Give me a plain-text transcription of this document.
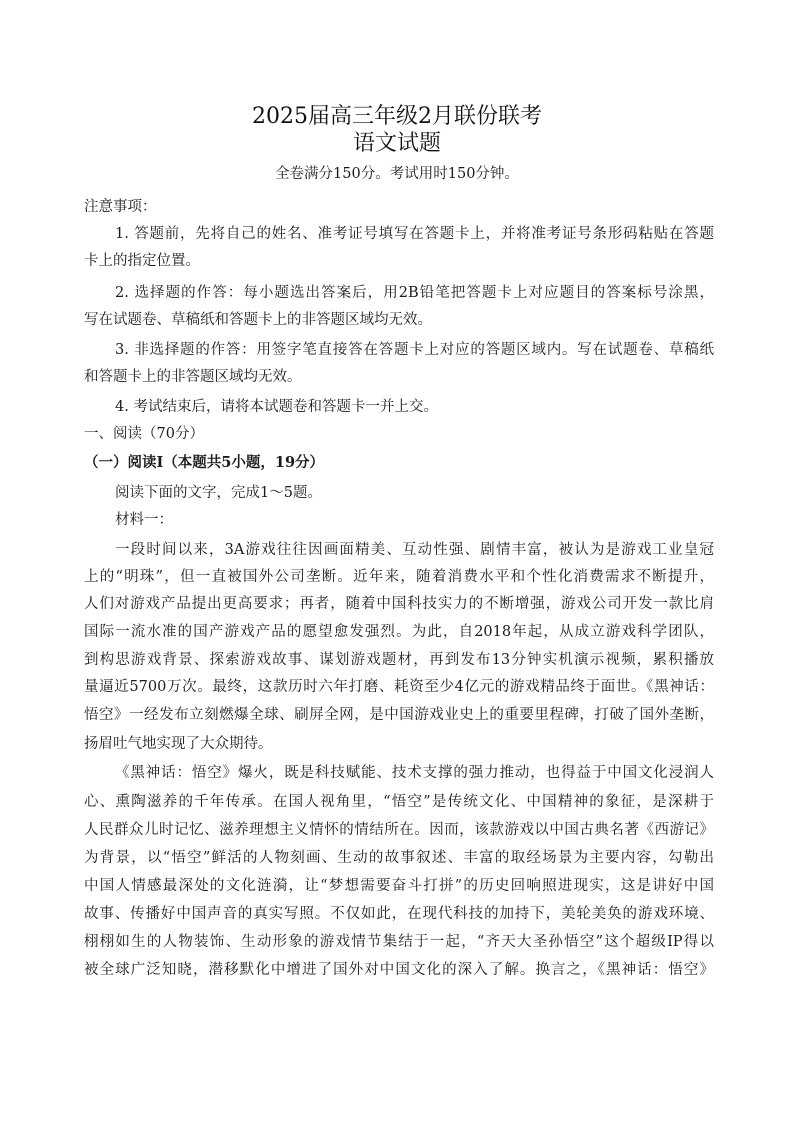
2025届高三年级2月联份联考
语文试题
全卷满分150分。考试用时150分钟。
注意事项：
1. 答题前，先将自己的姓名、准考证号填写在答题卡上，并将准考证号条形码粘贴在答题
卡上的指定位置。
2. 选择题的作答：每小题选出答案后，用2B铅笔把答题卡上对应题目的答案标号涂黑，
写在试题卷、草稿纸和答题卡上的非答题区域均无效。
3. 非选择题的作答：用签字笔直接答在答题卡上对应的答题区域内。写在试题卷、草稿纸
和答题卡上的非答题区域均无效。
4. 考试结束后，请将本试题卷和答题卡一并上交。
一、阅读（70分）
（一）阅读Ⅰ（本题共5小题，19分）
阅读下面的文字，完成1～5题。
材料一：
一段时间以来，3A游戏往往因画面精美、互动性强、剧情丰富，被认为是游戏工业皇冠
上的“明珠”，但一直被国外公司垄断。近年来，随着消费水平和个性化消费需求不断提升，
人们对游戏产品提出更高要求；再者，随着中国科技实力的不断增强，游戏公司开发一款比肩
国际一流水准的国产游戏产品的愿望愈发强烈。为此，自2018年起，从成立游戏科学团队，
到构思游戏背景、探索游戏故事、谋划游戏题材，再到发布13分钟实机演示视频，累积播放
量逼近5700万次。最终，这款历时六年打磨、耗资至少4亿元的游戏精品终于面世。《黑神话：
悟空》一经发布立刻燃爆全球、刷屏全网，是中国游戏业史上的重要里程碑，打破了国外垄断，
扬眉吐气地实现了大众期待。
《黑神话：悟空》爆火，既是科技赋能、技术支撑的强力推动，也得益于中国文化浸润人
心、熏陶滋养的千年传承。在国人视角里，“悟空”是传统文化、中国精神的象征，是深耕于
人民群众儿时记忆、滋养理想主义情怀的情结所在。因而，该款游戏以中国古典名著《西游记》
为背景，以“悟空”鲜活的人物刻画、生动的故事叙述、丰富的取经场景为主要内容，勾勒出
中国人情感最深处的文化涟漪，让“梦想需要奋斗打拼”的历史回响照进现实，这是讲好中国
故事、传播好中国声音的真实写照。不仅如此，在现代科技的加持下，美轮美奂的游戏环境、
栩栩如生的人物装饰、生动形象的游戏情节集结于一起，“齐天大圣孙悟空”这个超级IP得以
被全球广泛知晓，潜移默化中增进了国外对中国文化的深入了解。换言之，《黑神话：悟空》
